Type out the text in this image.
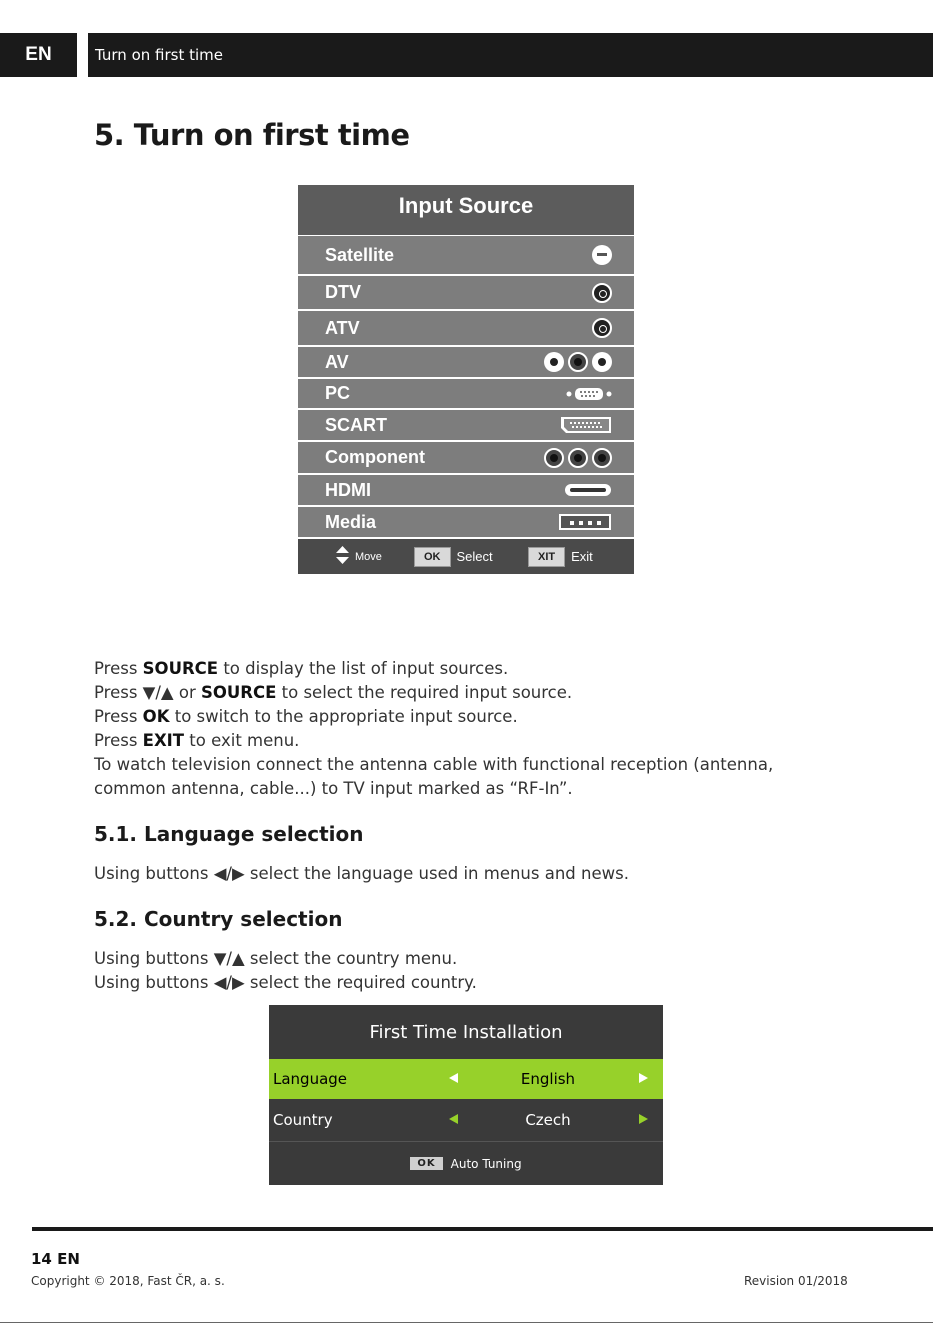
EN	Turn on first time
5. Turn on first time
Input Source
Satellite
DTV
ATV
AV
PC
SCART
Component
HDMI
Media
Move	OK	Select	XIT	Exit
Press SOURCE to display the list of input sources.
Press ▼/▲ or SOURCE to select the required input source.
Press OK to switch to the appropriate input source.
Press EXIT to exit menu.
To watch television connect the antenna cable with functional reception (antenna,
common antenna, cable...) to TV input marked as “RF-In”.
5.1. Language selection
Using buttons ◀/▶ select the language used in menus and news.
5.2. Country selection
Using buttons ▼/▲ select the country menu.
Using buttons ◀/▶ select the required country.
First Time Installation
Language	English
Country	Czech
OK	Auto Tuning
14 EN
Copyright © 2018, Fast ČR, a. s.	Revision 01/2018
